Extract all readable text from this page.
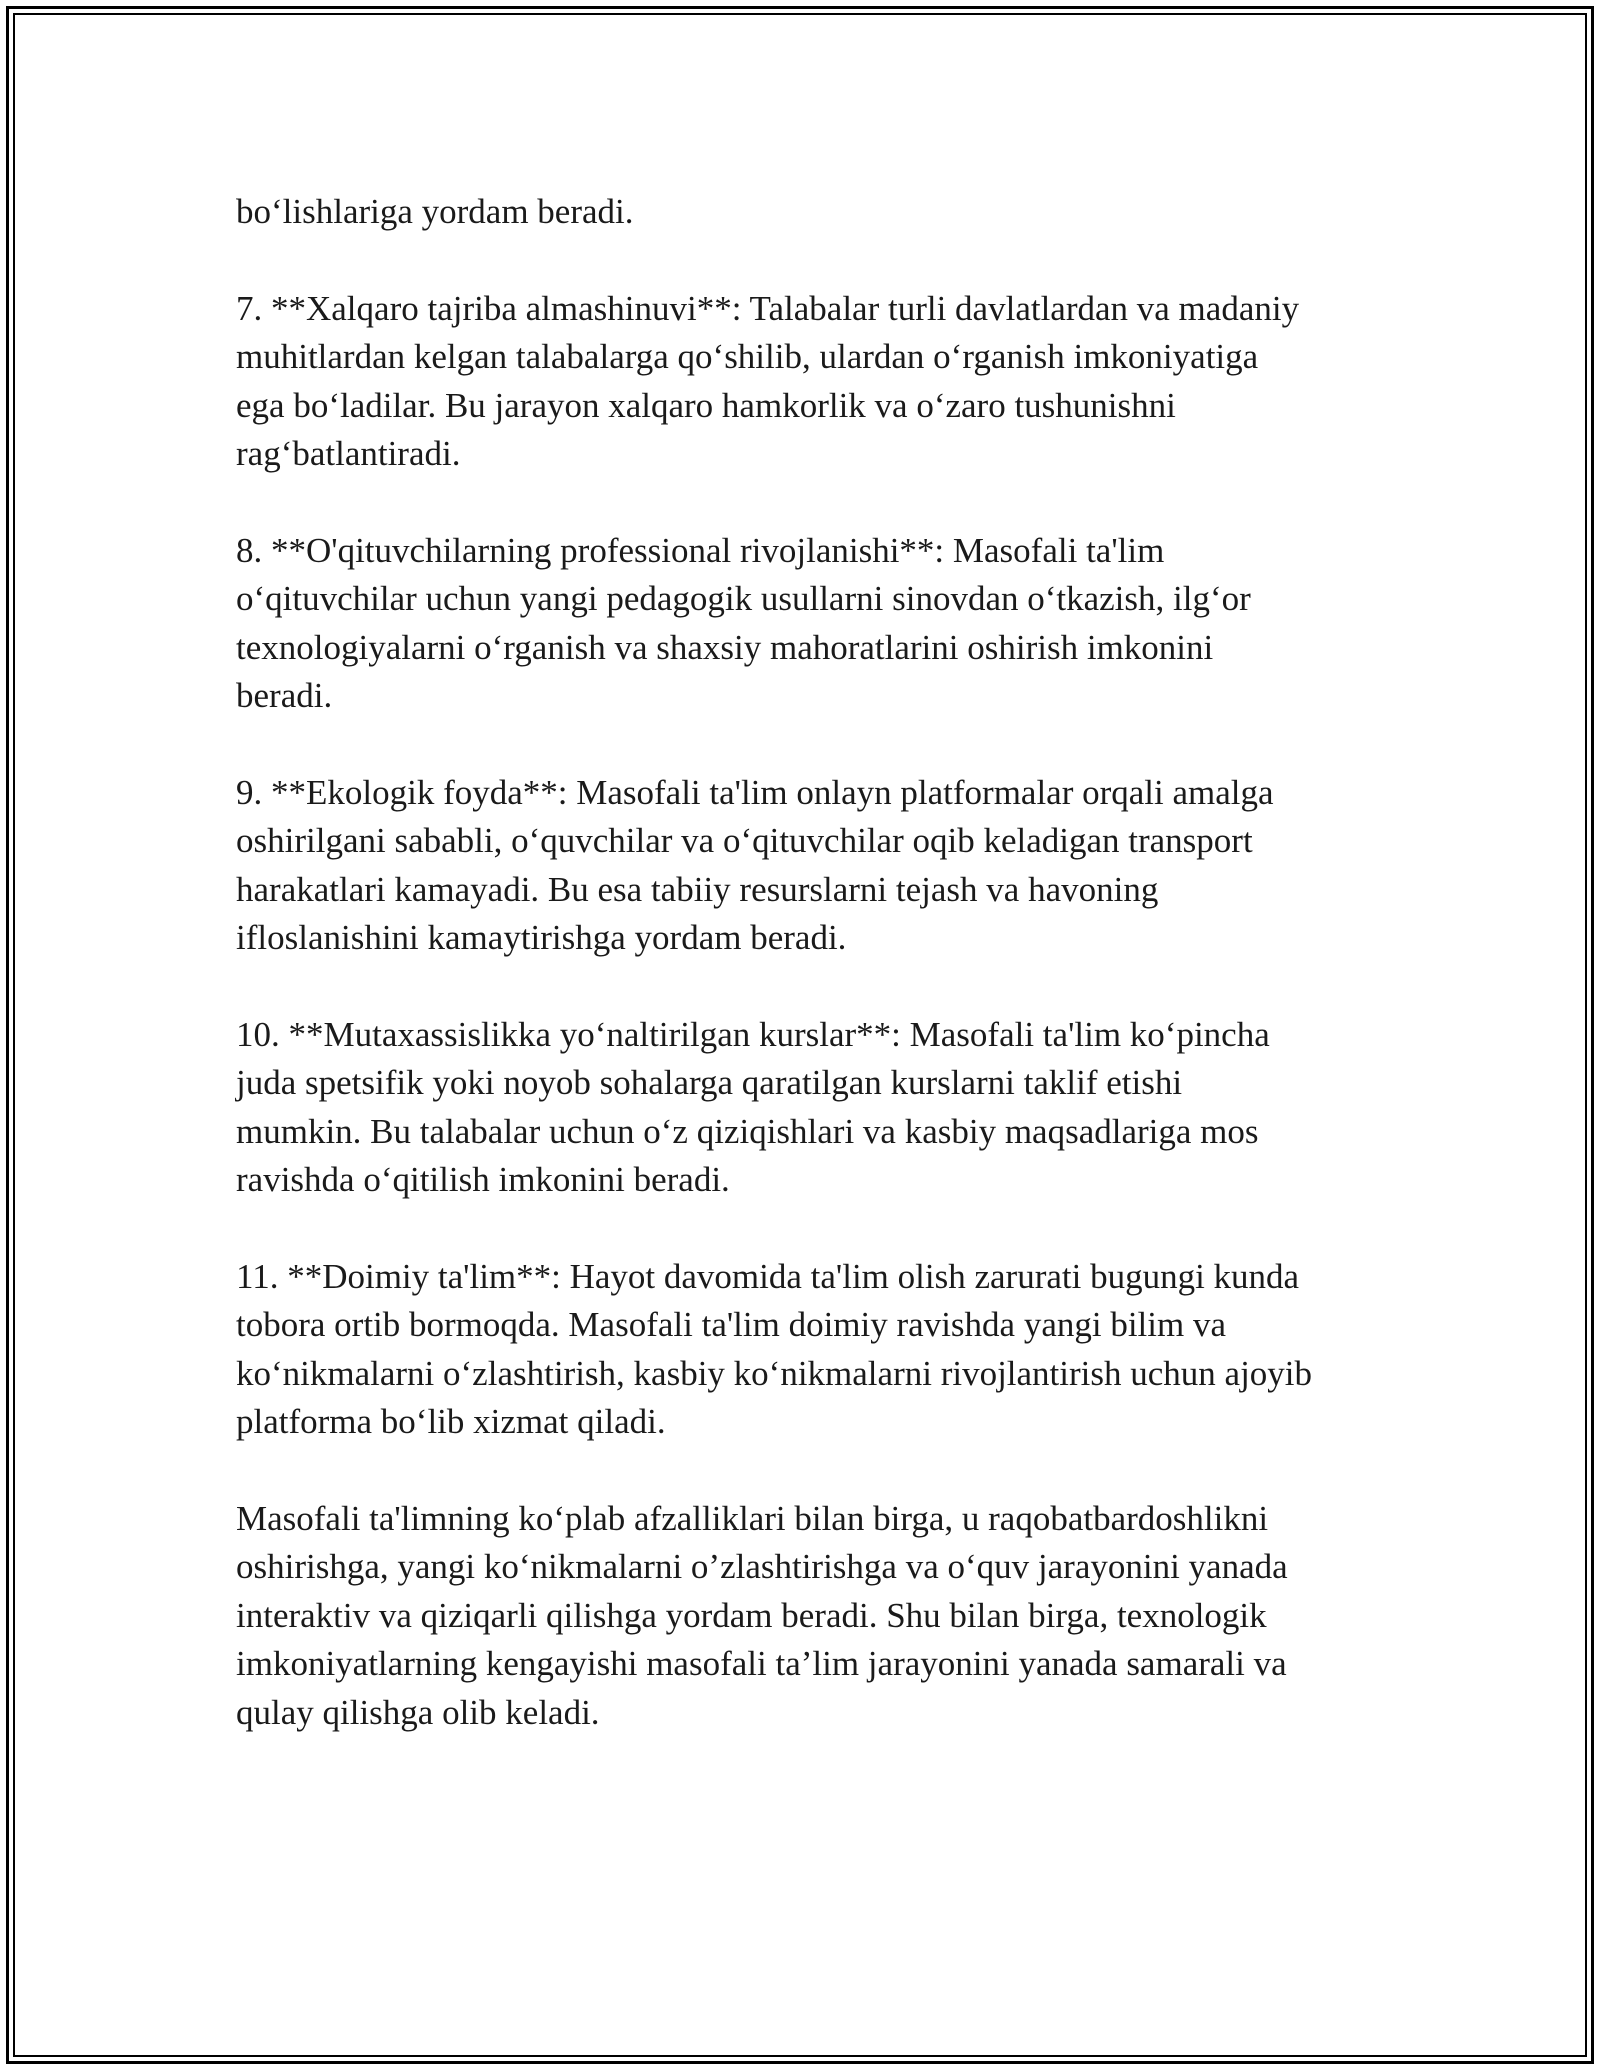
bo‘lishlariga yordam beradi.

7. **Xalqaro tajriba almashinuvi**: Talabalar turli davlatlardan va madaniy
muhitlardan kelgan talabalarga qo‘shilib, ulardan o‘rganish imkoniyatiga
ega bo‘ladilar. Bu jarayon xalqaro hamkorlik va o‘zaro tushunishni
rag‘batlantiradi.

8. **O'qituvchilarning professional rivojlanishi**: Masofali ta'lim
o‘qituvchilar uchun yangi pedagogik usullarni sinovdan o‘tkazish, ilg‘or
texnologiyalarni o‘rganish va shaxsiy mahoratlarini oshirish imkonini
beradi.

9. **Ekologik foyda**: Masofali ta'lim onlayn platformalar orqali amalga
oshirilgani sababli, o‘quvchilar va o‘qituvchilar oqib keladigan transport
harakatlari kamayadi. Bu esa tabiiy resurslarni tejash va havoning
ifloslanishini kamaytirishga yordam beradi.

10. **Mutaxassislikka yo‘naltirilgan kurslar**: Masofali ta'lim ko‘pincha
juda spetsifik yoki noyob sohalarga qaratilgan kurslarni taklif etishi
mumkin. Bu talabalar uchun o‘z qiziqishlari va kasbiy maqsadlariga mos
ravishda o‘qitilish imkonini beradi.

11. **Doimiy ta'lim**: Hayot davomida ta'lim olish zarurati bugungi kunda
tobora ortib bormoqda. Masofali ta'lim doimiy ravishda yangi bilim va
ko‘nikmalarni o‘zlashtirish, kasbiy ko‘nikmalarni rivojlantirish uchun ajoyib
platforma bo‘lib xizmat qiladi.

Masofali ta'limning ko‘plab afzalliklari bilan birga, u raqobatbardoshlikni
oshirishga, yangi ko‘nikmalarni o’zlashtirishga va o‘quv jarayonini yanada
interaktiv va qiziqarli qilishga yordam beradi. Shu bilan birga, texnologik
imkoniyatlarning kengayishi masofali ta’lim jarayonini yanada samarali va
qulay qilishga olib keladi.
